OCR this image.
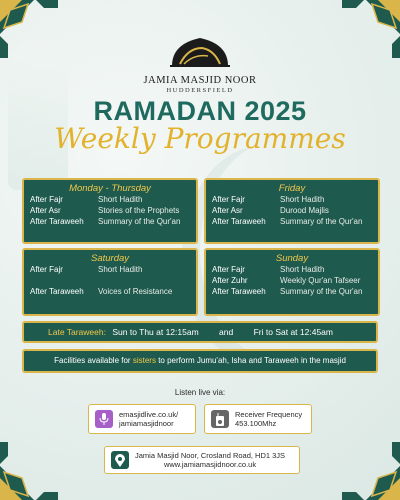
JAMIA MASJID NOOR
HUDDERSFIELD
RAMADAN 2025
Weekly Programmes
Monday - Thursday
After Fajr	Short Hadith
After Asr	Stories of the Prophets
After Taraweeh	Summary of the Qur'an
Friday
After Fajr	Short Hadith
After Asr	Durood Majlis
After Taraweeh	Summary of the Qur'an
Saturday
After Fajr	Short Hadith
After Taraweeh	Voices of Resistance
Sunday
After Fajr	Short Hadith
After Zuhr	Weekly Qur'an Tafseer
After Taraweeh	Summary of the Qur'an
Late Taraweeh: Sun to Thu at 12:15am and Fri to Sat at 12:45am
Facilities available for sisters to perform Jumu'ah, Isha and Taraweeh in the masjid
Listen live via:
emasjidlive.co.uk/
jamiamasjidnoor
Receiver Frequency
453.100Mhz
Jamia Masjid Noor, Crosland Road, HD1 3JS
www.jamiamasjidnoor.co.uk
